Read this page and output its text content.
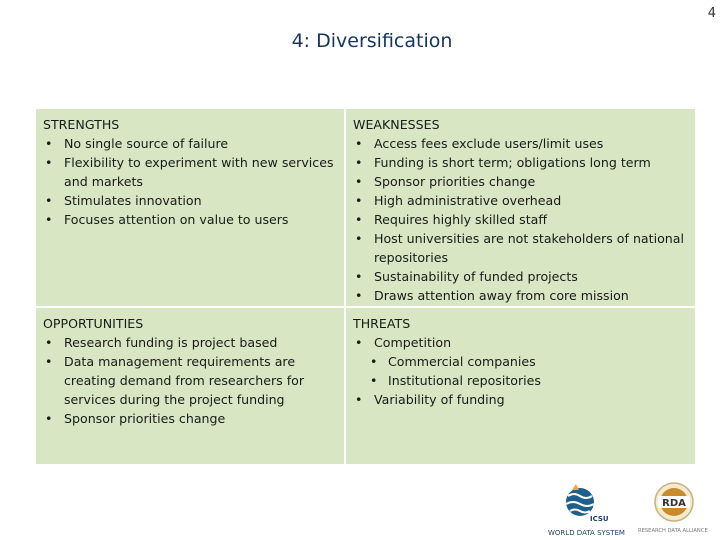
4
4: Diversification
STRENGTHS
• No single source of failure
• Flexibility to experiment with new services and markets
• Stimulates innovation
• Focuses attention on value to users
WEAKNESSES
• Access fees exclude users/limit uses
• Funding is short term; obligations long term
• Sponsor priorities change
• High administrative overhead
• Requires highly skilled staff
• Host universities are not stakeholders of national repositories
• Sustainability of funded projects
• Draws attention away from core mission
OPPORTUNITIES
• Research funding is project based
• Data management requirements are creating demand from researchers for services during the project funding
• Sponsor priorities change
THREATS
• Competition
• Commercial companies
• Institutional repositories
• Variability of funding
ICSU
WORLD DATA SYSTEM
RDA
RESEARCH DATA ALLIANCE
